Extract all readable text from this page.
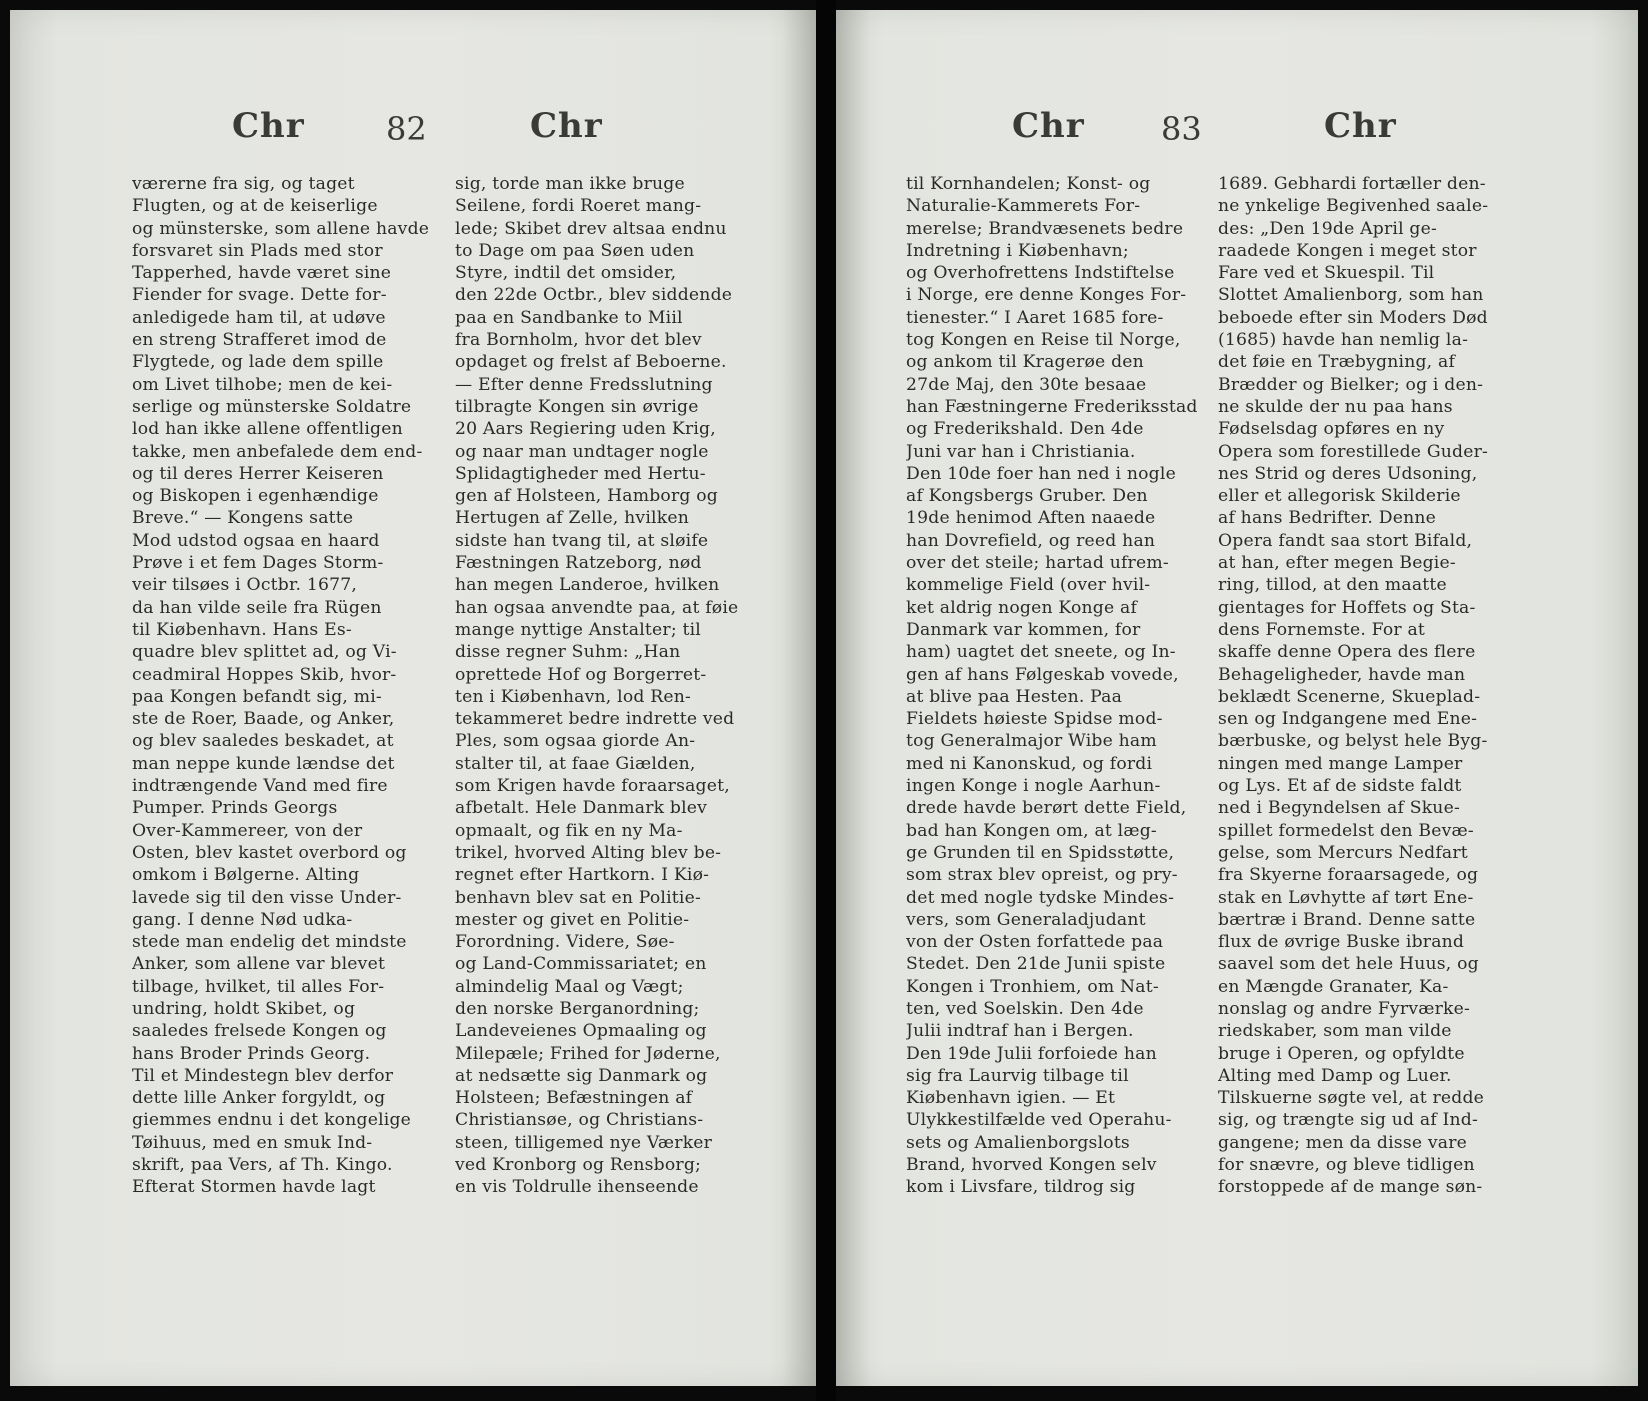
Chr	82	Chr

værerne fra sig, og taget

Flugten, og at de keiserlige

og münsterske, som allene havde

forsvaret sin Plads med stor

Tapperhed, havde været sine

Fiender for svage. Dette for-

anledigede ham til, at udøve

en streng Strafferet imod de

Flygtede, og lade dem spille

om Livet tilhobe; men de kei-

serlige og münsterske Soldatre

lod han ikke allene offentligen

takke, men anbefalede dem end-

og til deres Herrer Keiseren

og Biskopen i egenhændige

Breve.“ — Kongens satte

Mod udstod ogsaa en haard

Prøve i et fem Dages Storm-

veir tilsøes i Octbr. 1677,

da han vilde seile fra Rügen

til Kiøbenhavn. Hans Es-

quadre blev splittet ad, og Vi-

ceadmiral Hoppes Skib, hvor-

paa Kongen befandt sig, mi-

ste de Roer, Baade, og Anker,

og blev saaledes beskadet, at

man neppe kunde lændse det

indtrængende Vand med fire

Pumper. Prinds Georgs

Over-Kammereer, von der

Osten, blev kastet overbord og

omkom i Bølgerne. Alting

lavede sig til den visse Under-

gang. I denne Nød udka-

stede man endelig det mindste

Anker, som allene var blevet

tilbage, hvilket, til alles For-

undring, holdt Skibet, og

saaledes frelsede Kongen og

hans Broder Prinds Georg.

Til et Mindestegn blev derfor

dette lille Anker forgyldt, og

giemmes endnu i det kongelige

Tøihuus, med en smuk Ind-

skrift, paa Vers, af Th. Kingo.

Efterat Stormen havde lagt

sig, torde man ikke bruge

Seilene, fordi Roeret mang-

lede; Skibet drev altsaa endnu

to Dage om paa Søen uden

Styre, indtil det omsider,

den 22de Octbr., blev siddende

paa en Sandbanke to Miil

fra Bornholm, hvor det blev

opdaget og frelst af Beboerne.

— Efter denne Fredsslutning

tilbragte Kongen sin øvrige

20 Aars Regiering uden Krig,

og naar man undtager nogle

Splidagtigheder med Hertu-

gen af Holsteen, Hamborg og

Hertugen af Zelle, hvilken

sidste han tvang til, at sløife

Fæstningen Ratzeborg, nød

han megen Landeroe, hvilken

han ogsaa anvendte paa, at føie

mange nyttige Anstalter; til

disse regner Suhm: „Han

oprettede Hof og Borgerret-

ten i Kiøbenhavn, lod Ren-

tekammeret bedre indrette ved

Ples, som ogsaa giorde An-

stalter til, at faae Giælden,

som Krigen havde foraarsaget,

afbetalt. Hele Danmark blev

opmaalt, og fik en ny Ma-

trikel, hvorved Alting blev be-

regnet efter Hartkorn. I Kiø-

benhavn blev sat en Politie-

mester og givet en Politie-

Forordning. Videre, Søe-

og Land-Commissariatet; en

almindelig Maal og Vægt;

den norske Berganordning;

Landeveienes Opmaaling og

Milepæle; Frihed for Jøderne,

at nedsætte sig Danmark og

Holsteen; Befæstningen af

Christiansøe, og Christians-

steen, tilligemed nye Værker

ved Kronborg og Rensborg;

en vis Toldrulle ihenseende

Chr 83	Chr

til Kornhandelen; Konst- og

Naturalie-Kammerets For-

merelse; Brandvæsenets bedre

Indretning i Kiøbenhavn;

og Overhofrettens Indstiftelse

i Norge, ere denne Konges For-

tienester.“ I Aaret 1685 fore-

tog Kongen en Reise til Norge,

og ankom til Kragerøe den

27de Maj, den 30te besaae

han Fæstningerne Frederiksstad

og Frederikshald. Den 4de

Juni var han i Christiania.

Den 10de foer han ned i nogle

af Kongsbergs Gruber. Den

19de henimod Aften naaede

han Dovrefield, og reed han

over det steile; hartad ufrem-

kommelige Field (over hvil-

ket aldrig nogen Konge af

Danmark var kommen, for

ham) uagtet det sneete, og In-

gen af hans Følgeskab vovede,

at blive paa Hesten. Paa

Fieldets høieste Spidse mod-

tog Generalmajor Wibe ham

med ni Kanonskud, og fordi

ingen Konge i nogle Aarhun-

drede havde berørt dette Field,

bad han Kongen om, at læg-

ge Grunden til en Spidsstøtte,

som strax blev opreist, og pry-

det med nogle tydske Mindes-

vers, som Generaladjudant

von der Osten forfattede paa

Stedet. Den 21de Junii spiste

Kongen i Tronhiem, om Nat-

ten, ved Soelskin. Den 4de

Julii indtraf han i Bergen.

Den 19de Julii forfoiede han

sig fra Laurvig tilbage til

Kiøbenhavn igien. — Et

Ulykkestilfælde ved Operahu-

sets og Amalienborgslots

Brand, hvorved Kongen selv

kom i Livsfare, tildrog sig

1689. Gebhardi fortæller den-

ne ynkelige Begivenhed saale-

des: „Den 19de April ge-

raadede Kongen i meget stor

Fare ved et Skuespil. Til

Slottet Amalienborg, som han

beboede efter sin Moders Død

(1685) havde han nemlig la-

det føie en Træbygning, af

Brædder og Bielker; og i den-

ne skulde der nu paa hans

Fødselsdag opføres en ny

Opera som forestillede Guder-

nes Strid og deres Udsoning,

eller et allegorisk Skilderie

af hans Bedrifter. Denne

Opera fandt saa stort Bifald,

at han, efter megen Begie-

ring, tillod, at den maatte

gientages for Hoffets og Sta-

dens Fornemste. For at

skaffe denne Opera des flere

Behageligheder, havde man

beklædt Scenerne, Skueplad-

sen og Indgangene med Ene-

bærbuske, og belyst hele Byg-

ningen med mange Lamper

og Lys. Et af de sidste faldt

ned i Begyndelsen af Skue-

spillet formedelst den Bevæ-

gelse, som Mercurs Nedfart

fra Skyerne foraarsagede, og

stak en Løvhytte af tørt Ene-

bærtræ i Brand. Denne satte

flux de øvrige Buske ibrand

saavel som det hele Huus, og

en Mængde Granater, Ka-

nonslag og andre Fyrværke-

riedskaber, som man vilde

bruge i Operen, og opfyldte

Alting med Damp og Luer.

Tilskuerne søgte vel, at redde

sig, og trængte sig ud af Ind-

gangene; men da disse vare

for snævre, og bleve tidligen

forstoppede af de mange søn-
